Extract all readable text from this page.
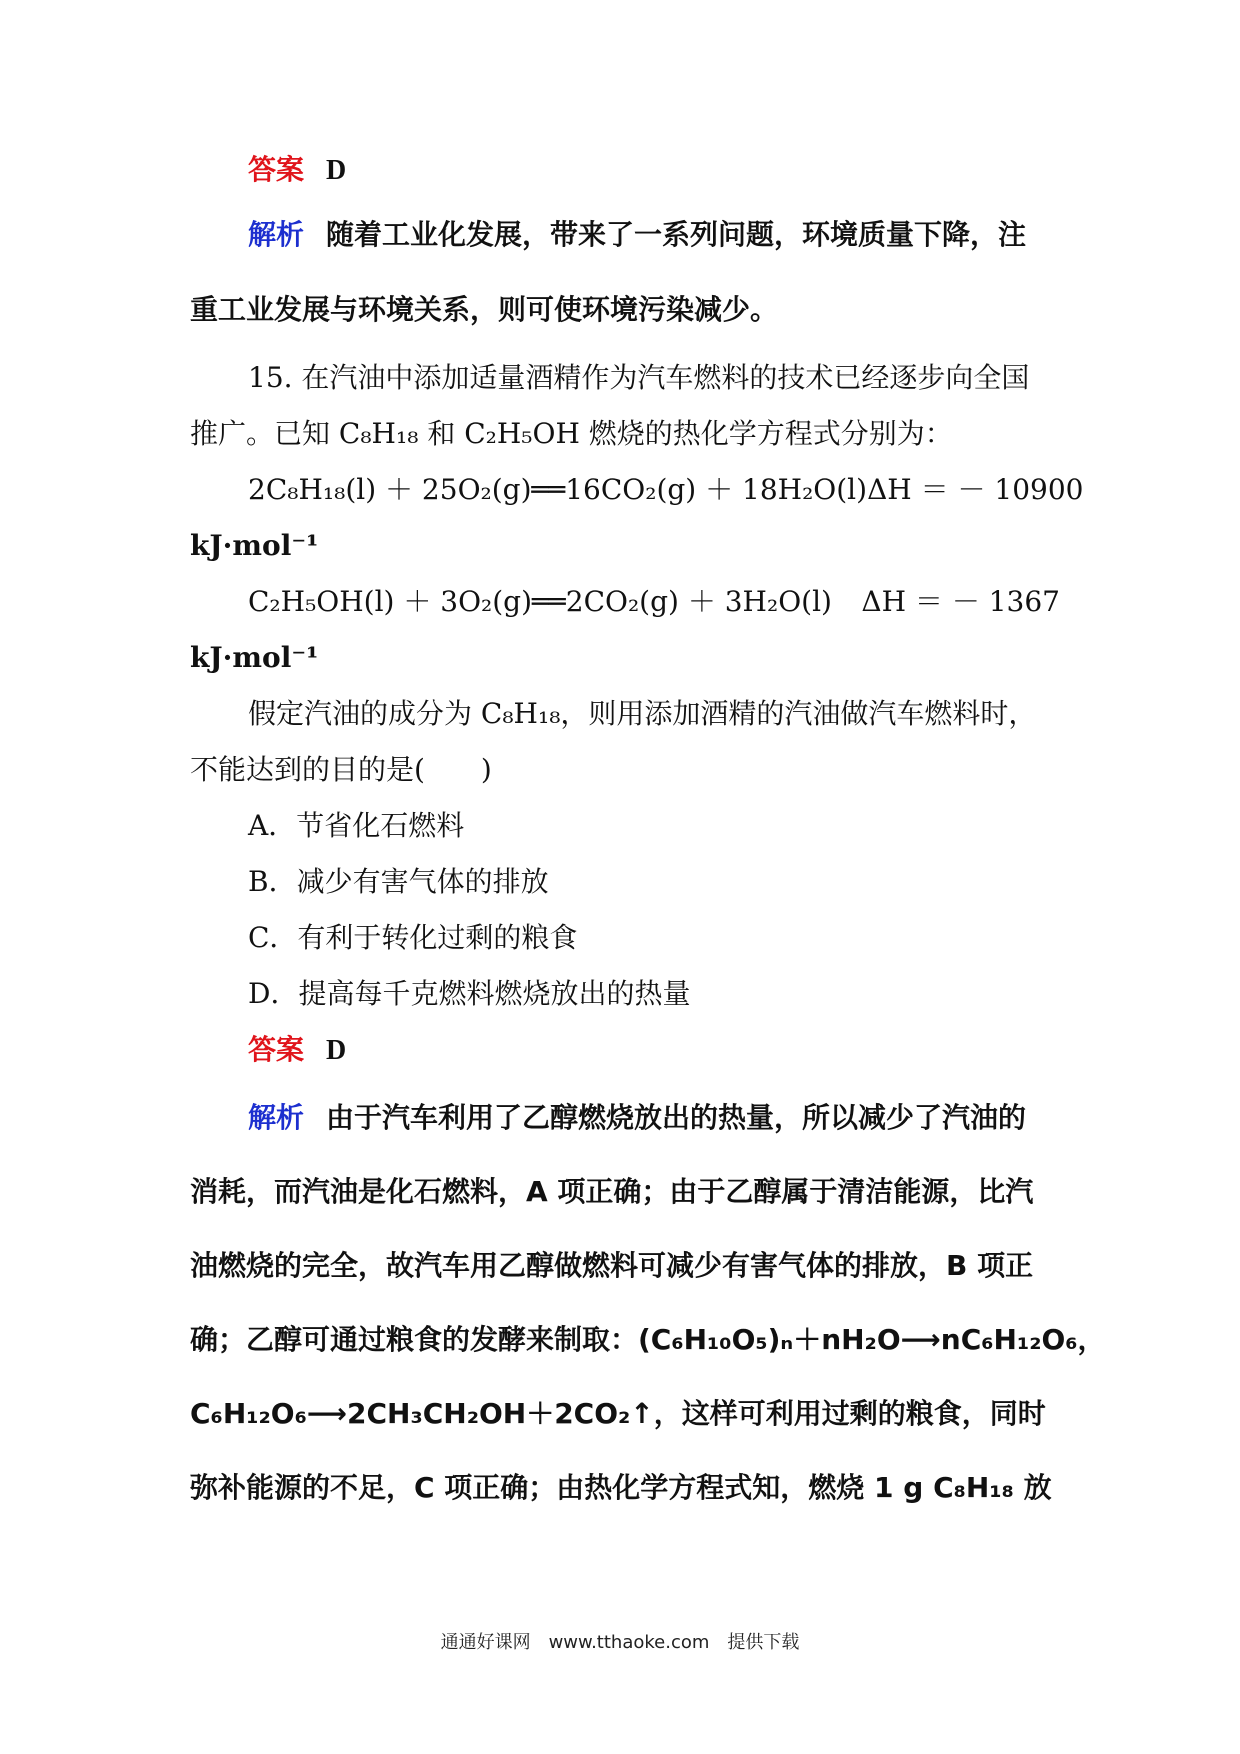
答案 D
解析 随着工业化发展，带来了一系列问题，环境质量下降，注
重工业发展与环境关系，则可使环境污染减少。
15. 在汽油中添加适量酒精作为汽车燃料的技术已经逐步向全国
推广。已知 C₈H₁₈ 和 C₂H₅OH 燃烧的热化学方程式分别为：
2C₈H₁₈(l) ＋ 25O₂(g)══16CO₂(g) ＋ 18H₂O(l) ΔH ＝ － 10900
kJ·mol⁻¹
C₂H₅OH(l) ＋ 3O₂(g)══2CO₂(g) ＋ 3H₂O(l) ΔH ＝ － 1367
kJ·mol⁻¹
假定汽油的成分为 C₈H₁₈，则用添加酒精的汽油做汽车燃料时，
不能达到的目的是(　　)
A．节省化石燃料
B．减少有害气体的排放
C．有利于转化过剩的粮食
D．提高每千克燃料燃烧放出的热量
答案 D
解析 由于汽车利用了乙醇燃烧放出的热量，所以减少了汽油的
消耗，而汽油是化石燃料，A 项正确；由于乙醇属于清洁能源，比汽
油燃烧的完全，故汽车用乙醇做燃料可减少有害气体的排放，B 项正
确；乙醇可通过粮食的发酵来制取：(C₆H₁₀O₅)ₙ＋nH₂O⟶nC₆H₁₂O₆，
C₆H₁₂O₆⟶2CH₃CH₂OH＋2CO₂↑，这样可利用过剩的粮食，同时
弥补能源的不足，C 项正确；由热化学方程式知，燃烧 1 g C₈H₁₈ 放
通通好课网　www.tthaoke.com　提供下载
